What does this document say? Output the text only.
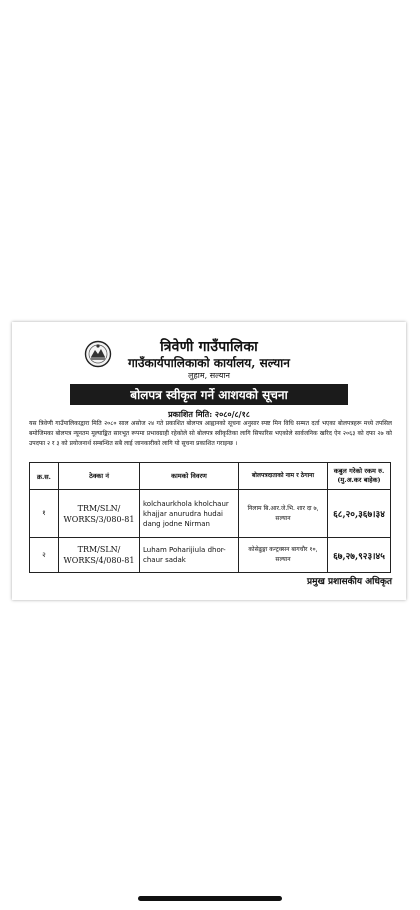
त्रिवेणी गाउँपालिका
गाउँकार्यपालिकाको कार्यालय, सल्यान
लुहाम, सल्यान
बोलपत्र स्वीकृत गर्ने आशयको सूचना
प्रकाशित मिति: २०८०/८/१८
यस त्रिवेणी गाउँपालिकाद्वारा मिति २०८० साल असोज २४ गते प्रकाशित बोलपत्र आह्वानको सूचना अनुसार स्पष्ट मिन विधि सम्मत दर्ता भएका बोलपत्रहरू मध्ये तपसिल बमोजिमका बोलपत्र न्यूनतम मूल्याङ्कित सारभूत रूपमा प्रभावग्राही रहेकोले सो बोलपत्र स्वीकृतिका लागि सिफारिस भएकोले सार्वजनिक खरिद ऐन २०६३ को दफा २७ को उपदफा २ र ३ को प्रयोजनार्थ सम्बन्धित सबै लाई जानकारीको लागि यो सूचना प्रकाशित गराइन्छ ।
क्र.स.	ठेक्का नं	कामको विवरण	बोलपत्रदाताको नाम र ठेगाना	कबुल गरेको रकम रु.
(मु.अ.कर बाहेक)

१	TRM/SLN/ WORKS/3/080-81	kolchaurkhola kholchaur khajjar anurudra hudai dang jodne Nirman	निलाम बि.आर.जे.भि. शार दा ७, सल्यान	६८,२०,३६७।३४
२	TRM/SLN/ WORKS/4/080-81	Luham Poharijiula dhor- chaur sadak	कोसेढुङ्गा कन्ट्रक्सन बागचौर १०, सल्यान	६७,२७,९२३।४५
प्रमुख प्रशासकीय अधिकृत
